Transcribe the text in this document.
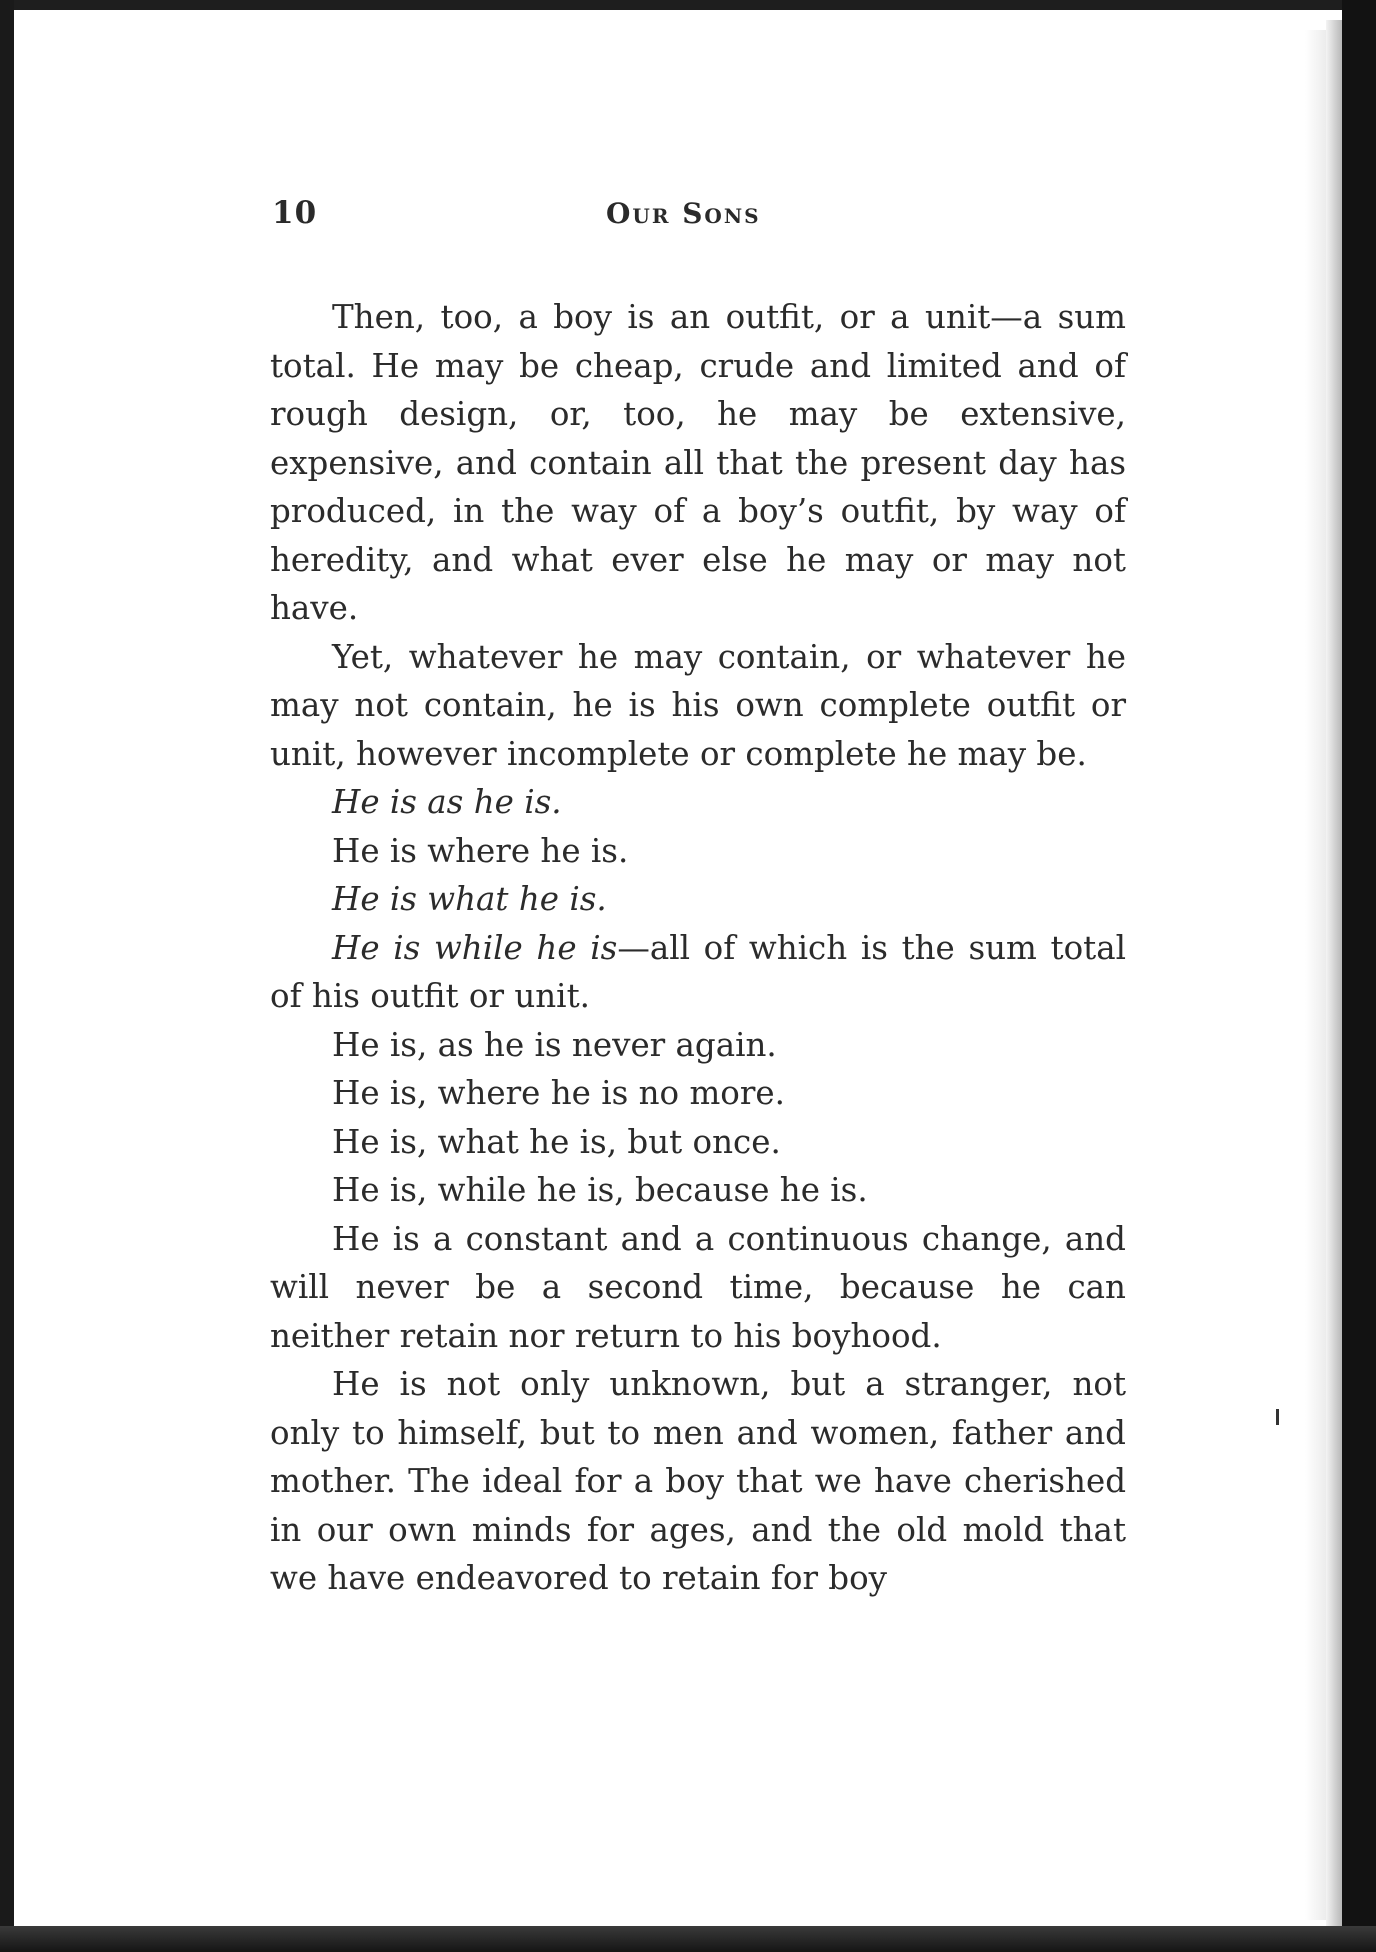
10	Our Sons

Then, too, a boy is an outfit, or a unit—a sum total. He may be cheap, crude and limited and of rough design, or, too, he may be extensive, expensive, and contain all that the present day has produced, in the way of a boy’s outfit, by way of heredity, and what ever else he may or may not have.

Yet, whatever he may contain, or whatever he may not contain, he is his own complete outfit or unit, however incomplete or complete he may be.

He is as he is.

He is where he is.

He is what he is.

He is while he is—all of which is the sum total of his outfit or unit.

He is, as he is never again.

He is, where he is no more.

He is, what he is, but once.

He is, while he is, because he is.

He is a constant and a continuous change, and will never be a second time, because he can neither retain nor return to his boyhood.

He is not only unknown, but a stranger, not only to himself, but to men and women, father and mother. The ideal for a boy that we have cherished in our own minds for ages, and the old mold that we have endeavored to retain for boy
